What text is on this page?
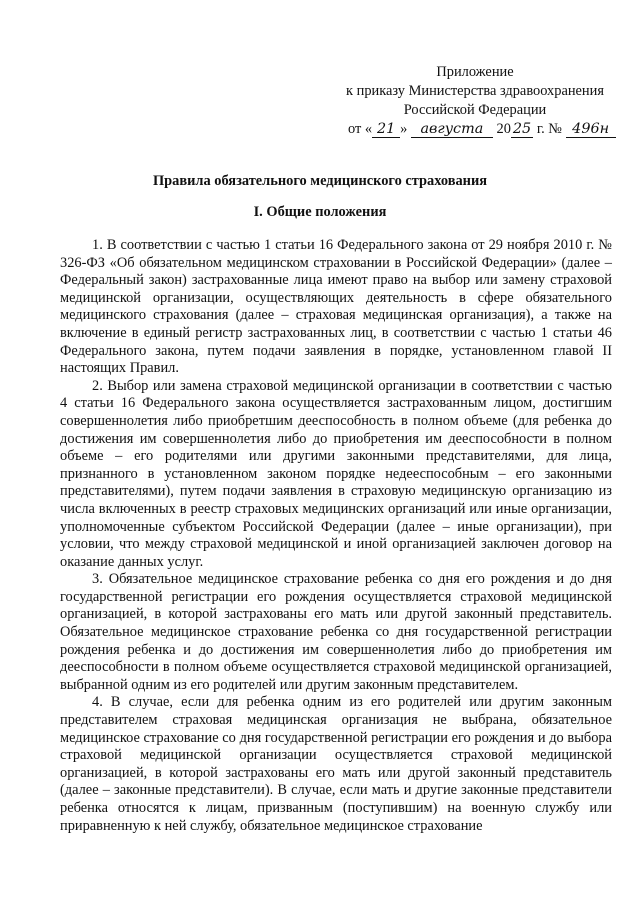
Приложение
к приказу Министерства здравоохранения
Российской Федерации
от « 21 » августа 20 25 г. № 496н
Правила обязательного медицинского страхования
I. Общие положения

1. В соответствии с частью 1 статьи 16 Федерального закона от 29 ноября 2010 г. № 326-ФЗ «Об обязательном медицинском страховании в Российской Федерации» (далее – Федеральный закон) застрахованные лица имеют право на выбор или замену страховой медицинской организации, осуществляющих деятельность в сфере обязательного медицинского страхования (далее – страховая медицинская организация), а также на включение в единый регистр застрахованных лиц, в соответствии с частью 1 статьи 46 Федерального закона, путем подачи заявления в порядке, установленном главой II настоящих Правил.

2. Выбор или замена страховой медицинской организации в соответствии с частью 4 статьи 16 Федерального закона осуществляется застрахованным лицом, достигшим совершеннолетия либо приобретшим дееспособность в полном объеме (для ребенка до достижения им совершеннолетия либо до приобретения им дееспособности в полном объеме – его родителями или другими законными представителями, для лица, признанного в установленном законом порядке недееспособным – его законными представителями), путем подачи заявления в страховую медицинскую организацию из числа включенных в реестр страховых медицинских организаций или иные организации, уполномоченные субъектом Российской Федерации (далее – иные организации), при условии, что между страховой медицинской и иной организацией заключен договор на оказание данных услуг.

3. Обязательное медицинское страхование ребенка со дня его рождения и до дня государственной регистрации его рождения осуществляется страховой медицинской организацией, в которой застрахованы его мать или другой законный представитель. Обязательное медицинское страхование ребенка со дня государственной регистрации рождения ребенка и до достижения им совершеннолетия либо до приобретения им дееспособности в полном объеме осуществляется страховой медицинской организацией, выбранной одним из его родителей или другим законным представителем.

4. В случае, если для ребенка одним из его родителей или другим законным представителем страховая медицинская организация не выбрана, обязательное медицинское страхование со дня государственной регистрации его рождения и до выбора страховой медицинской организации осуществляется страховой медицинской организацией, в которой застрахованы его мать или другой законный представитель (далее – законные представители). В случае, если мать и другие законные представители ребенка относятся к лицам, призванным (поступившим) на военную службу или приравненную к ней службу, обязательное медицинское страхование
